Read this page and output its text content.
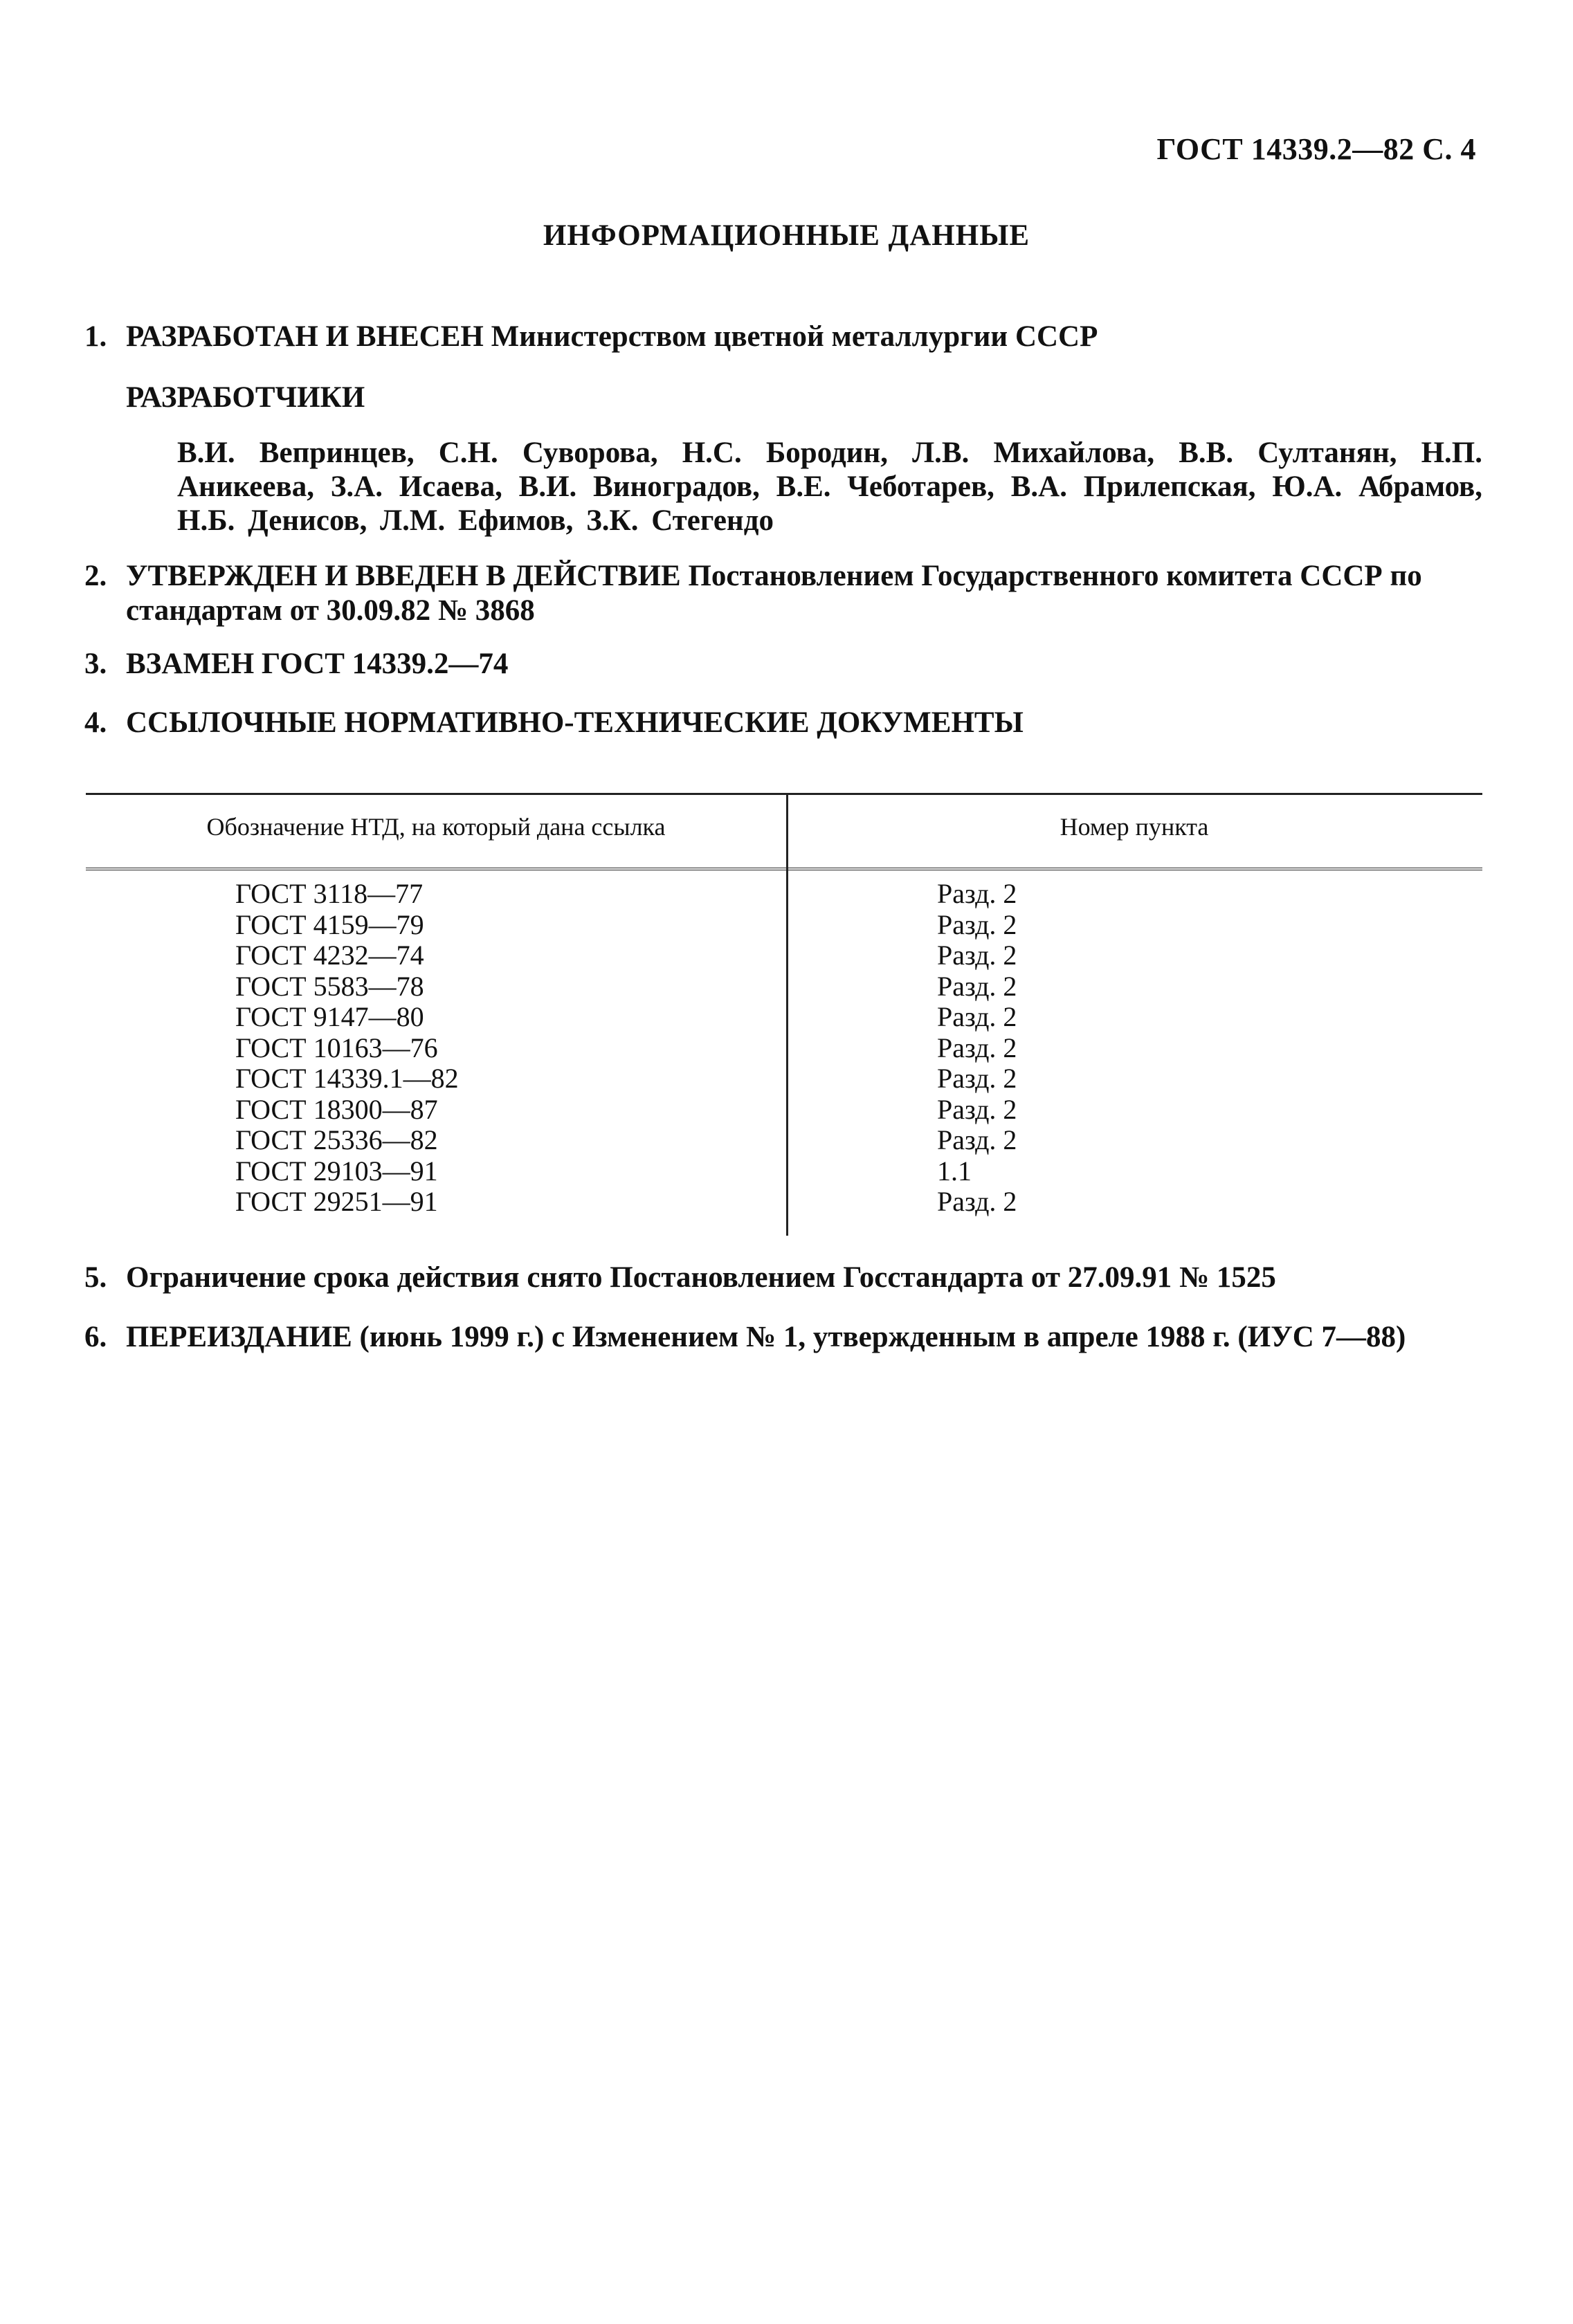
ГОСТ 14339.2—82 С. 4
ИНФОРМАЦИОННЫЕ ДАННЫЕ
1. РАЗРАБОТАН И ВНЕСЕН Министерством цветной металлургии СССР
РАЗРАБОТЧИКИ
В.И. Вепринцев, С.Н. Суворова, Н.С. Бородин, Л.В. Михайлова, В.В. Султанян, Н.П. Аникеева, З.А. Исаева, В.И. Виноградов, В.Е. Чеботарев, В.А. Прилепская, Ю.А. Абрамов, Н.Б. Денисов, Л.М. Ефимов, З.К. Стегендо
2. УТВЕРЖДЕН И ВВЕДЕН В ДЕЙСТВИЕ Постановлением Государственного комитета СССР по
стандартам от 30.09.82 № 3868
3. ВЗАМЕН ГОСТ 14339.2—74
4. ССЫЛОЧНЫЕ НОРМАТИВНО-ТЕХНИЧЕСКИЕ ДОКУМЕНТЫ
Обозначение НТД, на который дана ссылка	Номер пункта
ГОСТ 3118—77	Разд. 2
ГОСТ 4159—79	Разд. 2
ГОСТ 4232—74	Разд. 2
ГОСТ 5583—78	Разд. 2
ГОСТ 9147—80	Разд. 2
ГОСТ 10163—76	Разд. 2
ГОСТ 14339.1—82	Разд. 2
ГОСТ 18300—87	Разд. 2
ГОСТ 25336—82	Разд. 2
ГОСТ 29103—91	1.1
ГОСТ 29251—91	Разд. 2
5. Ограничение срока действия снято Постановлением Госстандарта от 27.09.91 № 1525
6. ПЕРЕИЗДАНИЕ (июнь 1999 г.) с Изменением № 1, утвержденным в апреле 1988 г. (ИУС 7—88)
